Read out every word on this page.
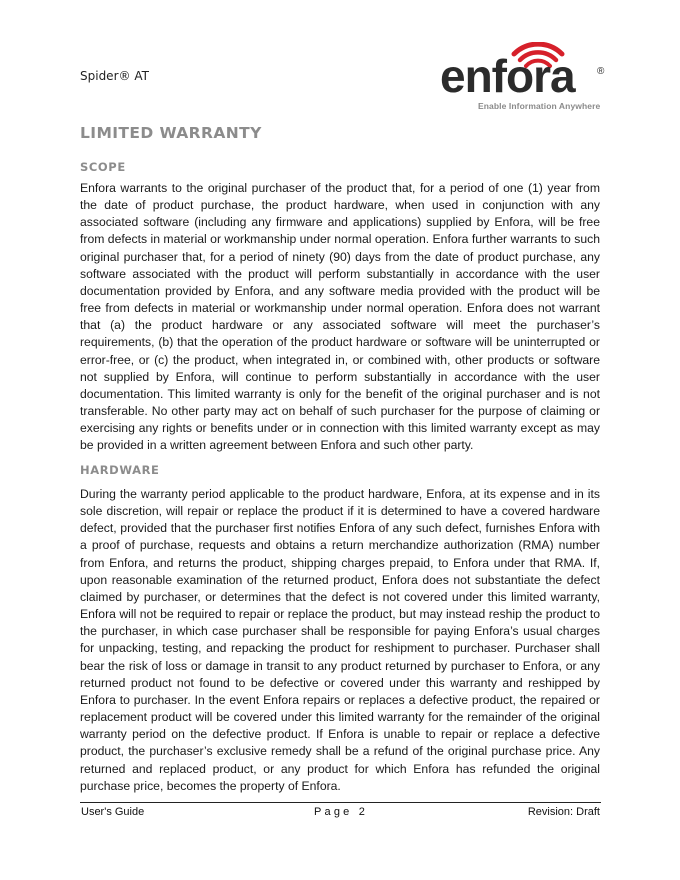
Spider® AT	enfora ®
Enable Information Anywhere
LIMITED WARRANTY
SCOPE

Enfora warrants to the original purchaser of the product that, for a period of one (1) year from the date of product purchase, the product hardware, when used in conjunction with any associated software (including any firmware and applications) supplied by Enfora, will be free from defects in material or workmanship under normal operation. Enfora further warrants to such original purchaser that, for a period of ninety (90) days from the date of product purchase, any software associated with the product will perform substantially in accordance with the user documentation provided by Enfora, and any software media provided with the product will be free from defects in material or workmanship under normal operation. Enfora does not warrant that (a) the product hardware or any associated software will meet the purchaser’s requirements, (b) that the operation of the product hardware or software will be uninterrupted or error-free, or (c) the product, when integrated in, or combined with, other products or software not supplied by Enfora, will continue to perform substantially in accordance with the user documentation. This limited warranty is only for the benefit of the original purchaser and is not transferable. No other party may act on behalf of such purchaser for the purpose of claiming or exercising any rights or benefits under or in connection with this limited warranty except as may be provided in a written agreement between Enfora and such other party.

HARDWARE

During the warranty period applicable to the product hardware, Enfora, at its expense and in its sole discretion, will repair or replace the product if it is determined to have a covered hardware defect, provided that the purchaser first notifies Enfora of any such defect, furnishes Enfora with a proof of purchase, requests and obtains a return merchandize authorization (RMA) number from Enfora, and returns the product, shipping charges prepaid, to Enfora under that RMA. If, upon reasonable examination of the returned product, Enfora does not substantiate the defect claimed by purchaser, or determines that the defect is not covered under this limited warranty, Enfora will not be required to repair or replace the product, but may instead reship the product to the purchaser, in which case purchaser shall be responsible for paying Enfora’s usual charges for unpacking, testing, and repacking the product for reshipment to purchaser. Purchaser shall bear the risk of loss or damage in transit to any product returned by purchaser to Enfora, or any returned product not found to be defective or covered under this warranty and reshipped by Enfora to purchaser. In the event Enfora repairs or replaces a defective product, the repaired or replacement product will be covered under this limited warranty for the remainder of the original warranty period on the defective product. If Enfora is unable to repair or replace a defective product, the purchaser’s exclusive remedy shall be a refund of the original purchase price. Any returned and replaced product, or any product for which Enfora has refunded the original purchase price, becomes the property of Enfora.

User's Guide	Page 2	Revision: Draft
